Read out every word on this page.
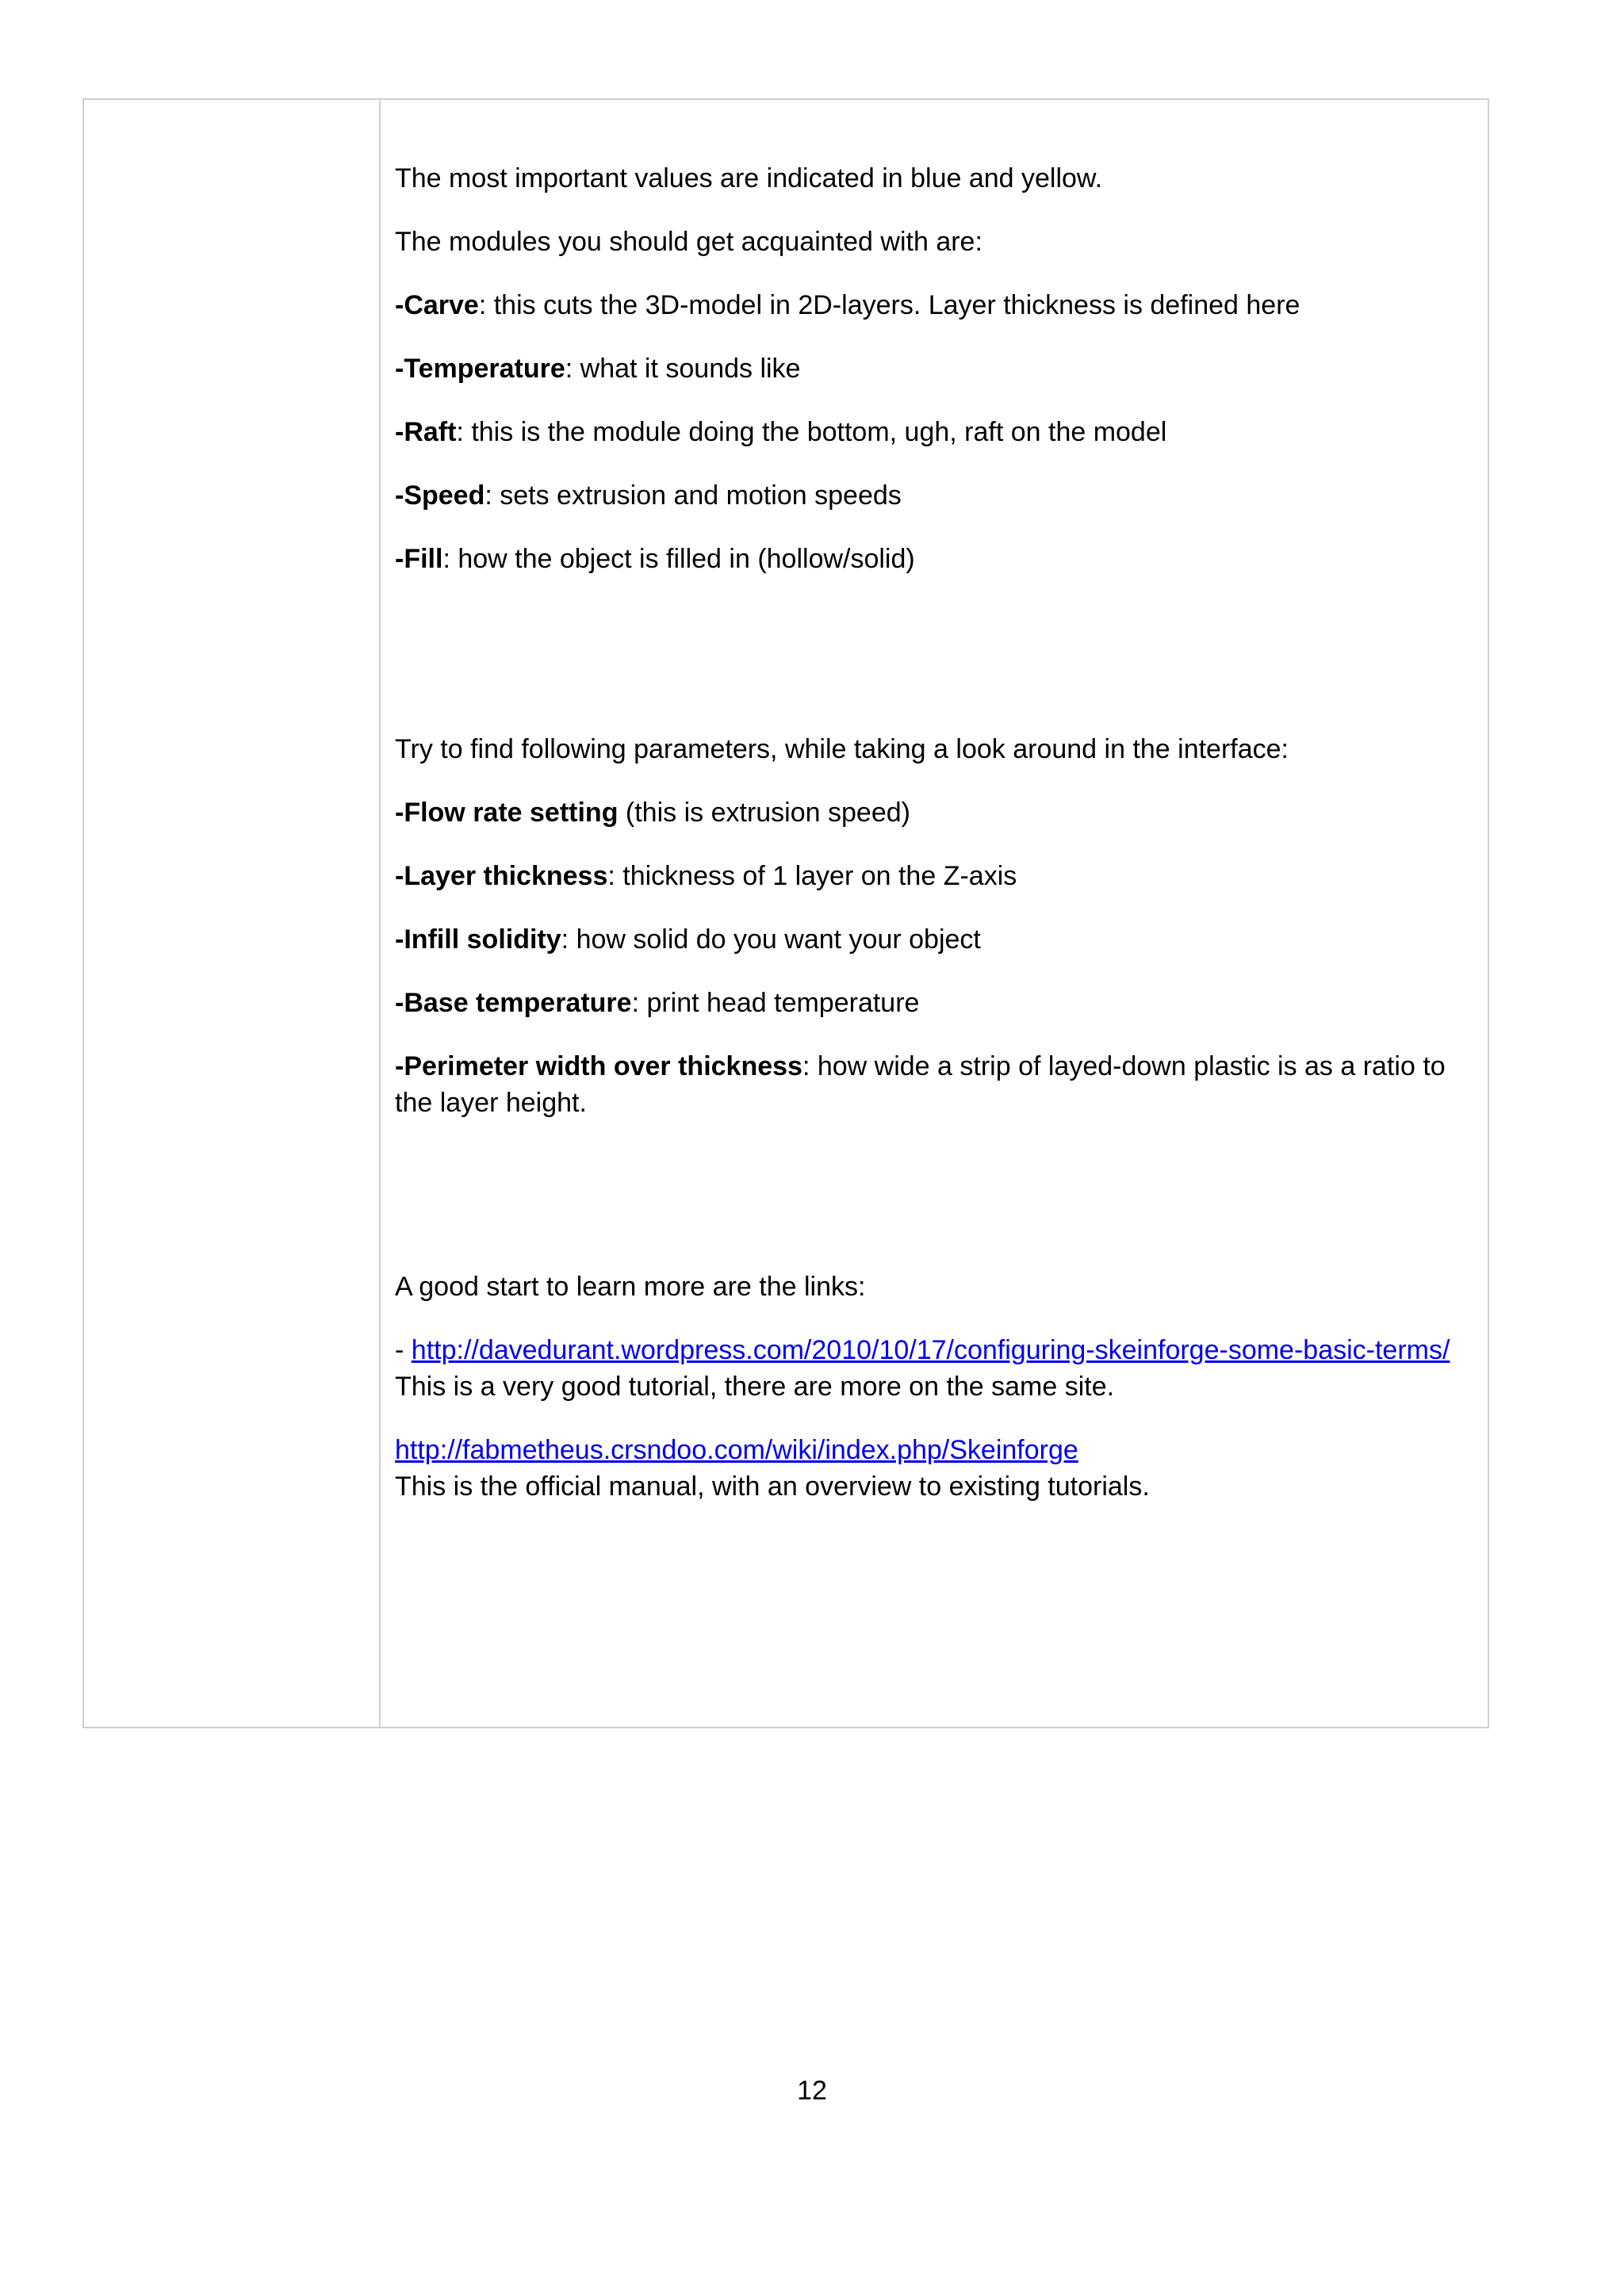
The most important values are indicated in blue and yellow.

The modules you should get acquainted with are:

-Carve: this cuts the 3D-model in 2D-layers. Layer thickness is defined here

-Temperature: what it sounds like

-Raft: this is the module doing the bottom, ugh, raft on the model

-Speed: sets extrusion and motion speeds

-Fill: how the object is filled in (hollow/solid)

Try to find following parameters, while taking a look around in the interface:

-Flow rate setting (this is extrusion speed)

-Layer thickness: thickness of 1 layer on the Z-axis

-Infill solidity: how solid do you want your object

-Base temperature: print head temperature

-Perimeter width over thickness: how wide a strip of layed-down plastic is as a ratio to the layer height.

A good start to learn more are the links:

- http://davedurant.wordpress.com/2010/10/17/configuring-skeinforge-some-basic-terms/
This is a very good tutorial, there are more on the same site.

http://fabmetheus.crsndoo.com/wiki/index.php/Skeinforge
This is the official manual, with an overview to existing tutorials.

12
